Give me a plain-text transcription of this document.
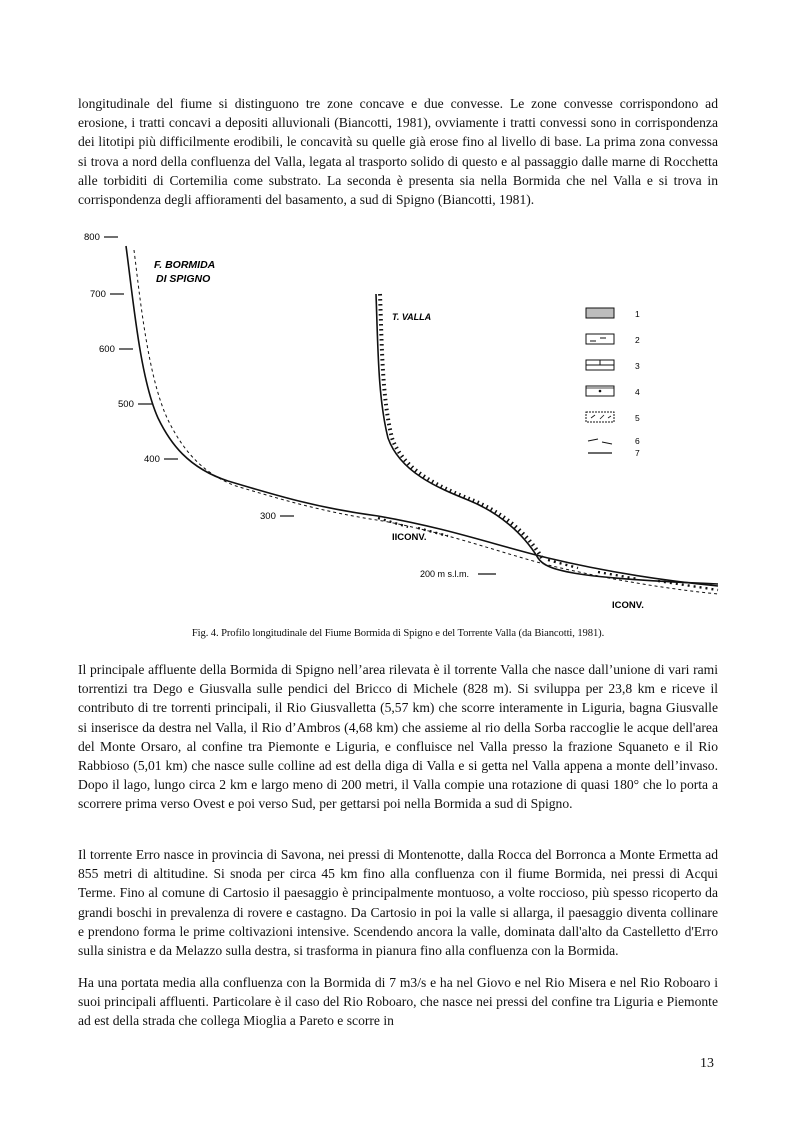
longitudinale del fiume si distinguono tre zone concave e due convesse. Le zone convesse corrispondono ad erosione, i tratti concavi a depositi alluvionali (Biancotti, 1981), ovviamente i tratti convessi sono in corrispondenza dei litotipi più difficilmente erodibili, le concavità su quelle già erose fino al livello di base. La prima zona convessa si trova a nord della confluenza del Valla, legata al trasporto solido di questo e al passaggio dalle marne di Rocchetta alle torbiditi di Cortemilia come substrato. La seconda è presenta sia nella Bormida che nel Valla e si trova in corrispondenza degli affioramenti del basamento, a sud di Spigno (Biancotti, 1981).

800
700
600
500
400
300
200 m s.l.m.
F. BORMIDA
DI SPIGNO
T. VALLA
IICONV.
ICONV.
1
2
3
4
5
6
7

Fig. 4. Profilo longitudinale del Fiume Bormida di Spigno e del Torrente Valla (da Biancotti, 1981).

Il principale affluente della Bormida di Spigno nell’area rilevata è il torrente Valla che nasce dall’unione di vari rami torrentizi tra Dego e Giusvalla sulle pendici del Bricco di Michele (828 m). Si sviluppa per 23,8 km e riceve il contributo di tre torrenti principali, il Rio Giusvalletta (5,57 km) che scorre interamente in Liguria, bagna Giusvalle si inserisce da destra nel Valla, il Rio d’Ambros (4,68 km) che assieme al rio della Sorba raccoglie le acque dell'area del Monte Orsaro, al confine tra Piemonte e Liguria, e confluisce nel Valla presso la frazione Squaneto e il Rio Rabbioso (5,01 km) che nasce sulle colline ad est della diga di Valla e si getta nel Valla appena a monte dell’invaso. Dopo il lago, lungo circa 2 km e largo meno di 200 metri, il Valla compie una rotazione di quasi 180° che lo porta a scorrere prima verso Ovest e poi verso Sud, per gettarsi poi nella Bormida a sud di Spigno.

Il torrente Erro nasce in provincia di Savona, nei pressi di Montenotte, dalla Rocca del Borronca a Monte Ermetta ad 855 metri di altitudine. Si snoda per circa 45 km fino alla confluenza con il fiume Bormida, nei pressi di Acqui Terme. Fino al comune di Cartosio il paesaggio è principalmente montuoso, a volte roccioso, più spesso ricoperto da grandi boschi in prevalenza di rovere e castagno. Da Cartosio in poi la valle si allarga, il paesaggio diventa collinare e prendono forma le prime coltivazioni intensive. Scendendo ancora la valle, dominata dall'alto da Castelletto d'Erro sulla sinistra e da Melazzo sulla destra, si trasforma in pianura fino alla confluenza con la Bormida.

Ha una portata media alla confluenza con la Bormida di 7 m3/s e ha nel Giovo e nel Rio Misera e nel Rio Roboaro i suoi principali affluenti. Particolare è il caso del Rio Roboaro, che nasce nei pressi del confine tra Liguria e Piemonte ad est della strada che collega Mioglia a Pareto e scorre in

13
